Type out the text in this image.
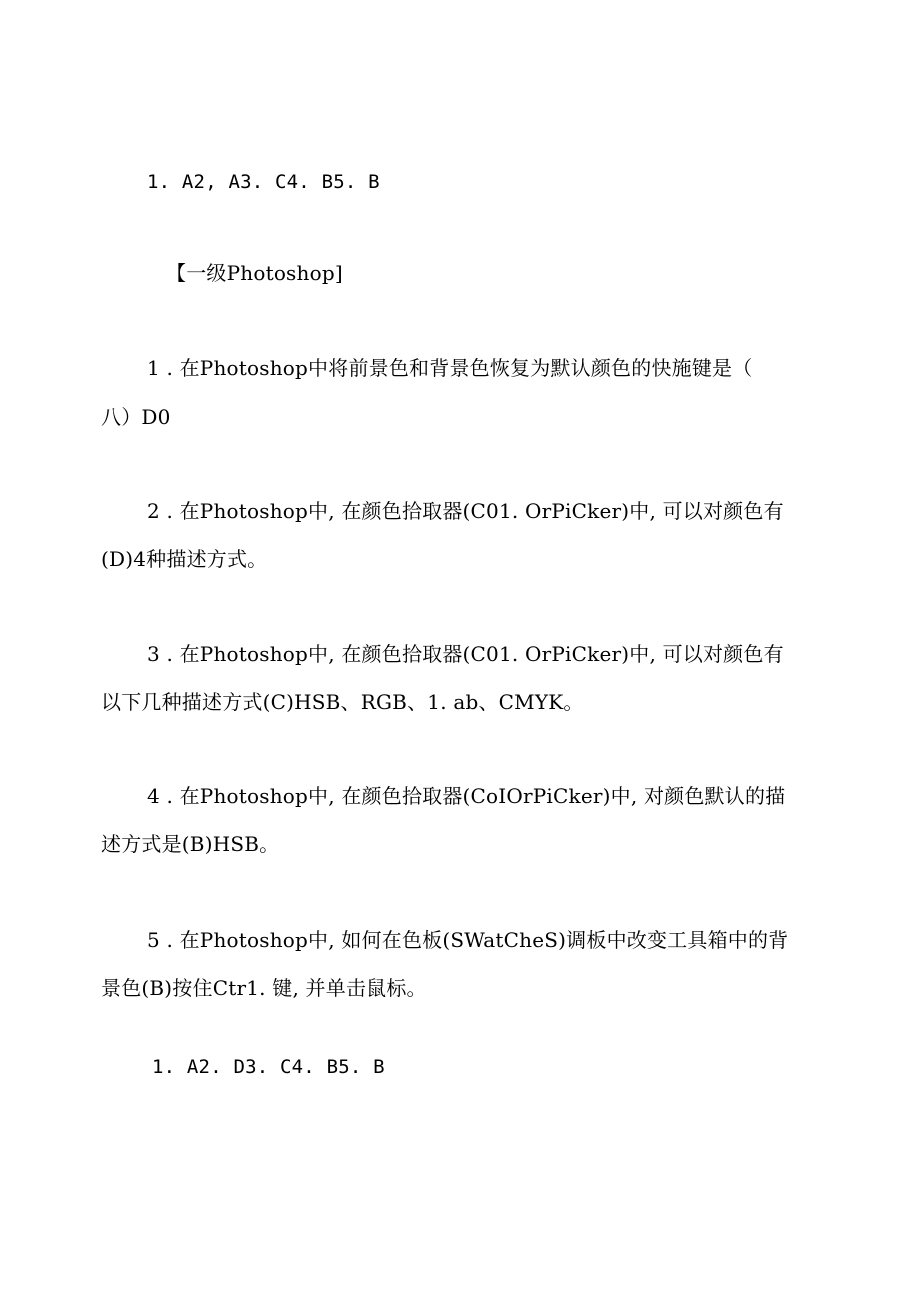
1. A2, A3. C4. B5. B

【一级Photoshop]

1 . 在Photoshop中将前景色和背景色恢复为默认颜色的快施键是（

八）D0

2 . 在Photoshop中, 在颜色拾取器(C01. OrPiCker)中, 可以对颜色有

(D)4种描述方式。

3 . 在Photoshop中, 在颜色拾取器(C01. OrPiCker)中, 可以对颜色有

以下几种描述方式(C)HSB、RGB、1. ab、CMYK。

4 . 在Photoshop中, 在颜色拾取器(CoIOrPiCker)中, 对颜色默认的描

述方式是(B)HSB。

5 . 在Photoshop中, 如何在色板(SWatCheS)调板中改变工具箱中的背

景色(B)按住Ctr1. 键, 并单击鼠标。

1. A2. D3. C4. B5. B
